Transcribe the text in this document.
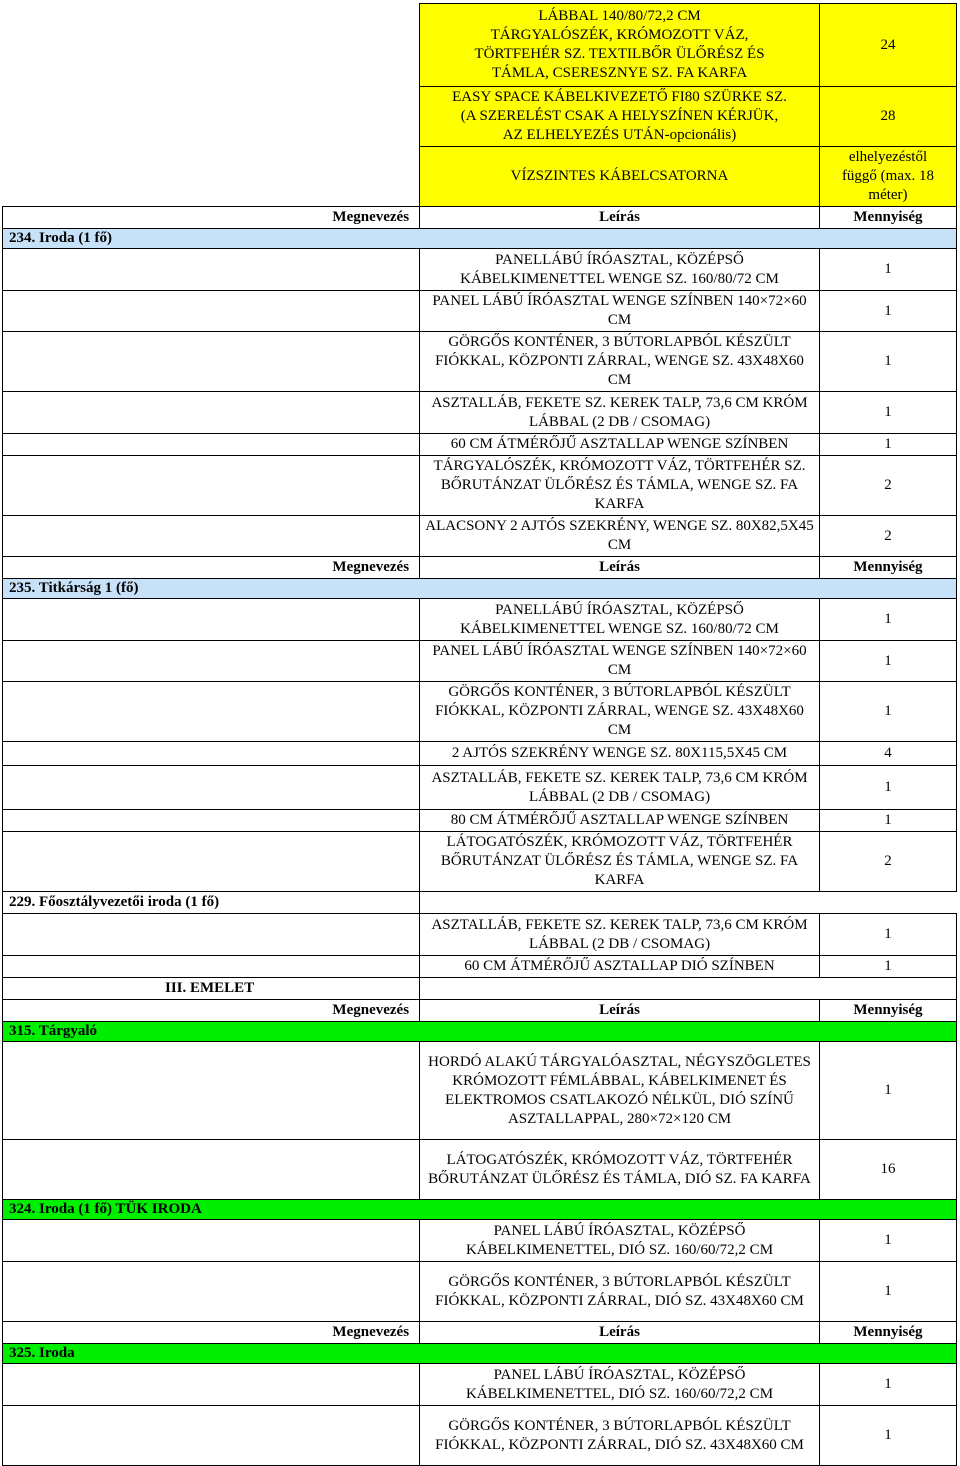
	LÁBBAL 140/80/72,2 CM
TÁRGYALÓSZÉK, KRÓMOZOTT VÁZ,
TÖRTFEHÉR SZ. TEXTILBŐR ÜLŐRÉSZ ÉS
TÁMLA, CSERESZNYE SZ. FA KARFA	24

	EASY SPACE KÁBELKIVEZETŐ FI80 SZÜRKE SZ.
(A SZERELÉST CSAK A HELYSZÍNEN KÉRJÜK,
AZ ELHELYEZÉS UTÁN-opcionális)	28
	VÍZSZINTES KÁBELCSATORNA	elhelyezéstől
függő (max. 18
méter)

Megnevezés	Leírás	Mennyiség
234. Iroda (1 fő)		
	PANELLÁBÚ ÍRÓASZTAL, KÖZÉPSŐ KÁBELKIMENETTEL WENGE SZ. 160/80/72 CM	1
	PANEL LÁBÚ ÍRÓASZTAL WENGE SZÍNBEN 140×72×60 CM	1
	GÖRGŐS KONTÉNER, 3 BÚTORLAPBÓL KÉSZÜLT FIÓKKAL, KÖZPONTI ZÁRRAL, WENGE SZ. 43X48X60 CM	1
	ASZTALLÁB, FEKETE SZ. KEREK TALP, 73,6 CM KRÓM LÁBBAL (2 DB / CSOMAG)	1
	60 CM ÁTMÉRŐJŰ ASZTALLAP WENGE SZÍNBEN	1
	TÁRGYALÓSZÉK, KRÓMOZOTT VÁZ, TÖRTFEHÉR SZ. BŐRUTÁNZAT ÜLŐRÉSZ ÉS TÁMLA, WENGE SZ. FA KARFA	2
	ALACSONY 2 AJTÓS SZEKRÉNY, WENGE SZ. 80X82,5X45 CM	2
Megnevezés	Leírás	Mennyiség
235. Titkárság 1 (fő)		
	PANELLÁBÚ ÍRÓASZTAL, KÖZÉPSŐ KÁBELKIMENETTEL WENGE SZ. 160/80/72 CM	1
	PANEL LÁBÚ ÍRÓASZTAL WENGE SZÍNBEN 140×72×60 CM	1
	GÖRGŐS KONTÉNER, 3 BÚTORLAPBÓL KÉSZÜLT FIÓKKAL, KÖZPONTI ZÁRRAL, WENGE SZ. 43X48X60 CM	1
	2 AJTÓS SZEKRÉNY WENGE SZ. 80X115,5X45 CM	4
	ASZTALLÁB, FEKETE SZ. KEREK TALP, 73,6 CM KRÓM LÁBBAL (2 DB / CSOMAG)	1
	80 CM ÁTMÉRŐJŰ ASZTALLAP WENGE SZÍNBEN	1
	LÁTOGATÓSZÉK, KRÓMOZOTT VÁZ, TÖRTFEHÉR BŐRUTÁNZAT ÜLŐRÉSZ ÉS TÁMLA, WENGE SZ. FA KARFA	2
229. Főosztályvezetői iroda (1 fő)		
	ASZTALLÁB, FEKETE SZ. KEREK TALP, 73,6 CM KRÓM LÁBBAL (2 DB / CSOMAG)	1
	60 CM ÁTMÉRŐJŰ ASZTALLAP DIÓ SZÍNBEN	1
III. EMELET		
Megnevezés	Leírás	Mennyiség
315. Tárgyaló		
	HORDÓ ALAKÚ TÁRGYALÓASZTAL, NÉGYSZÖGLETES KRÓMOZOTT FÉMLÁBBAL, KÁBELKIMENET ÉS ELEKTROMOS CSATLAKOZÓ NÉLKÜL, DIÓ SZÍNŰ ASZTALLAPPAL, 280×72×120 CM	1
	LÁTOGATÓSZÉK, KRÓMOZOTT VÁZ, TÖRTFEHÉR BŐRUTÁNZAT ÜLŐRÉSZ ÉS TÁMLA, DIÓ SZ. FA KARFA	16
324. Iroda (1 fő) TÜK IRODA		
	PANEL LÁBÚ ÍRÓASZTAL, KÖZÉPSŐ KÁBELKIMENETTEL, DIÓ SZ. 160/60/72,2 CM	1
	GÖRGŐS KONTÉNER, 3 BÚTORLAPBÓL KÉSZÜLT FIÓKKAL, KÖZPONTI ZÁRRAL, DIÓ SZ. 43X48X60 CM	1
Megnevezés	Leírás	Mennyiség
325. Iroda		
	PANEL LÁBÚ ÍRÓASZTAL, KÖZÉPSŐ KÁBELKIMENETTEL, DIÓ SZ. 160/60/72,2 CM	1
	GÖRGŐS KONTÉNER, 3 BÚTORLAPBÓL KÉSZÜLT FIÓKKAL, KÖZPONTI ZÁRRAL, DIÓ SZ. 43X48X60 CM	1
